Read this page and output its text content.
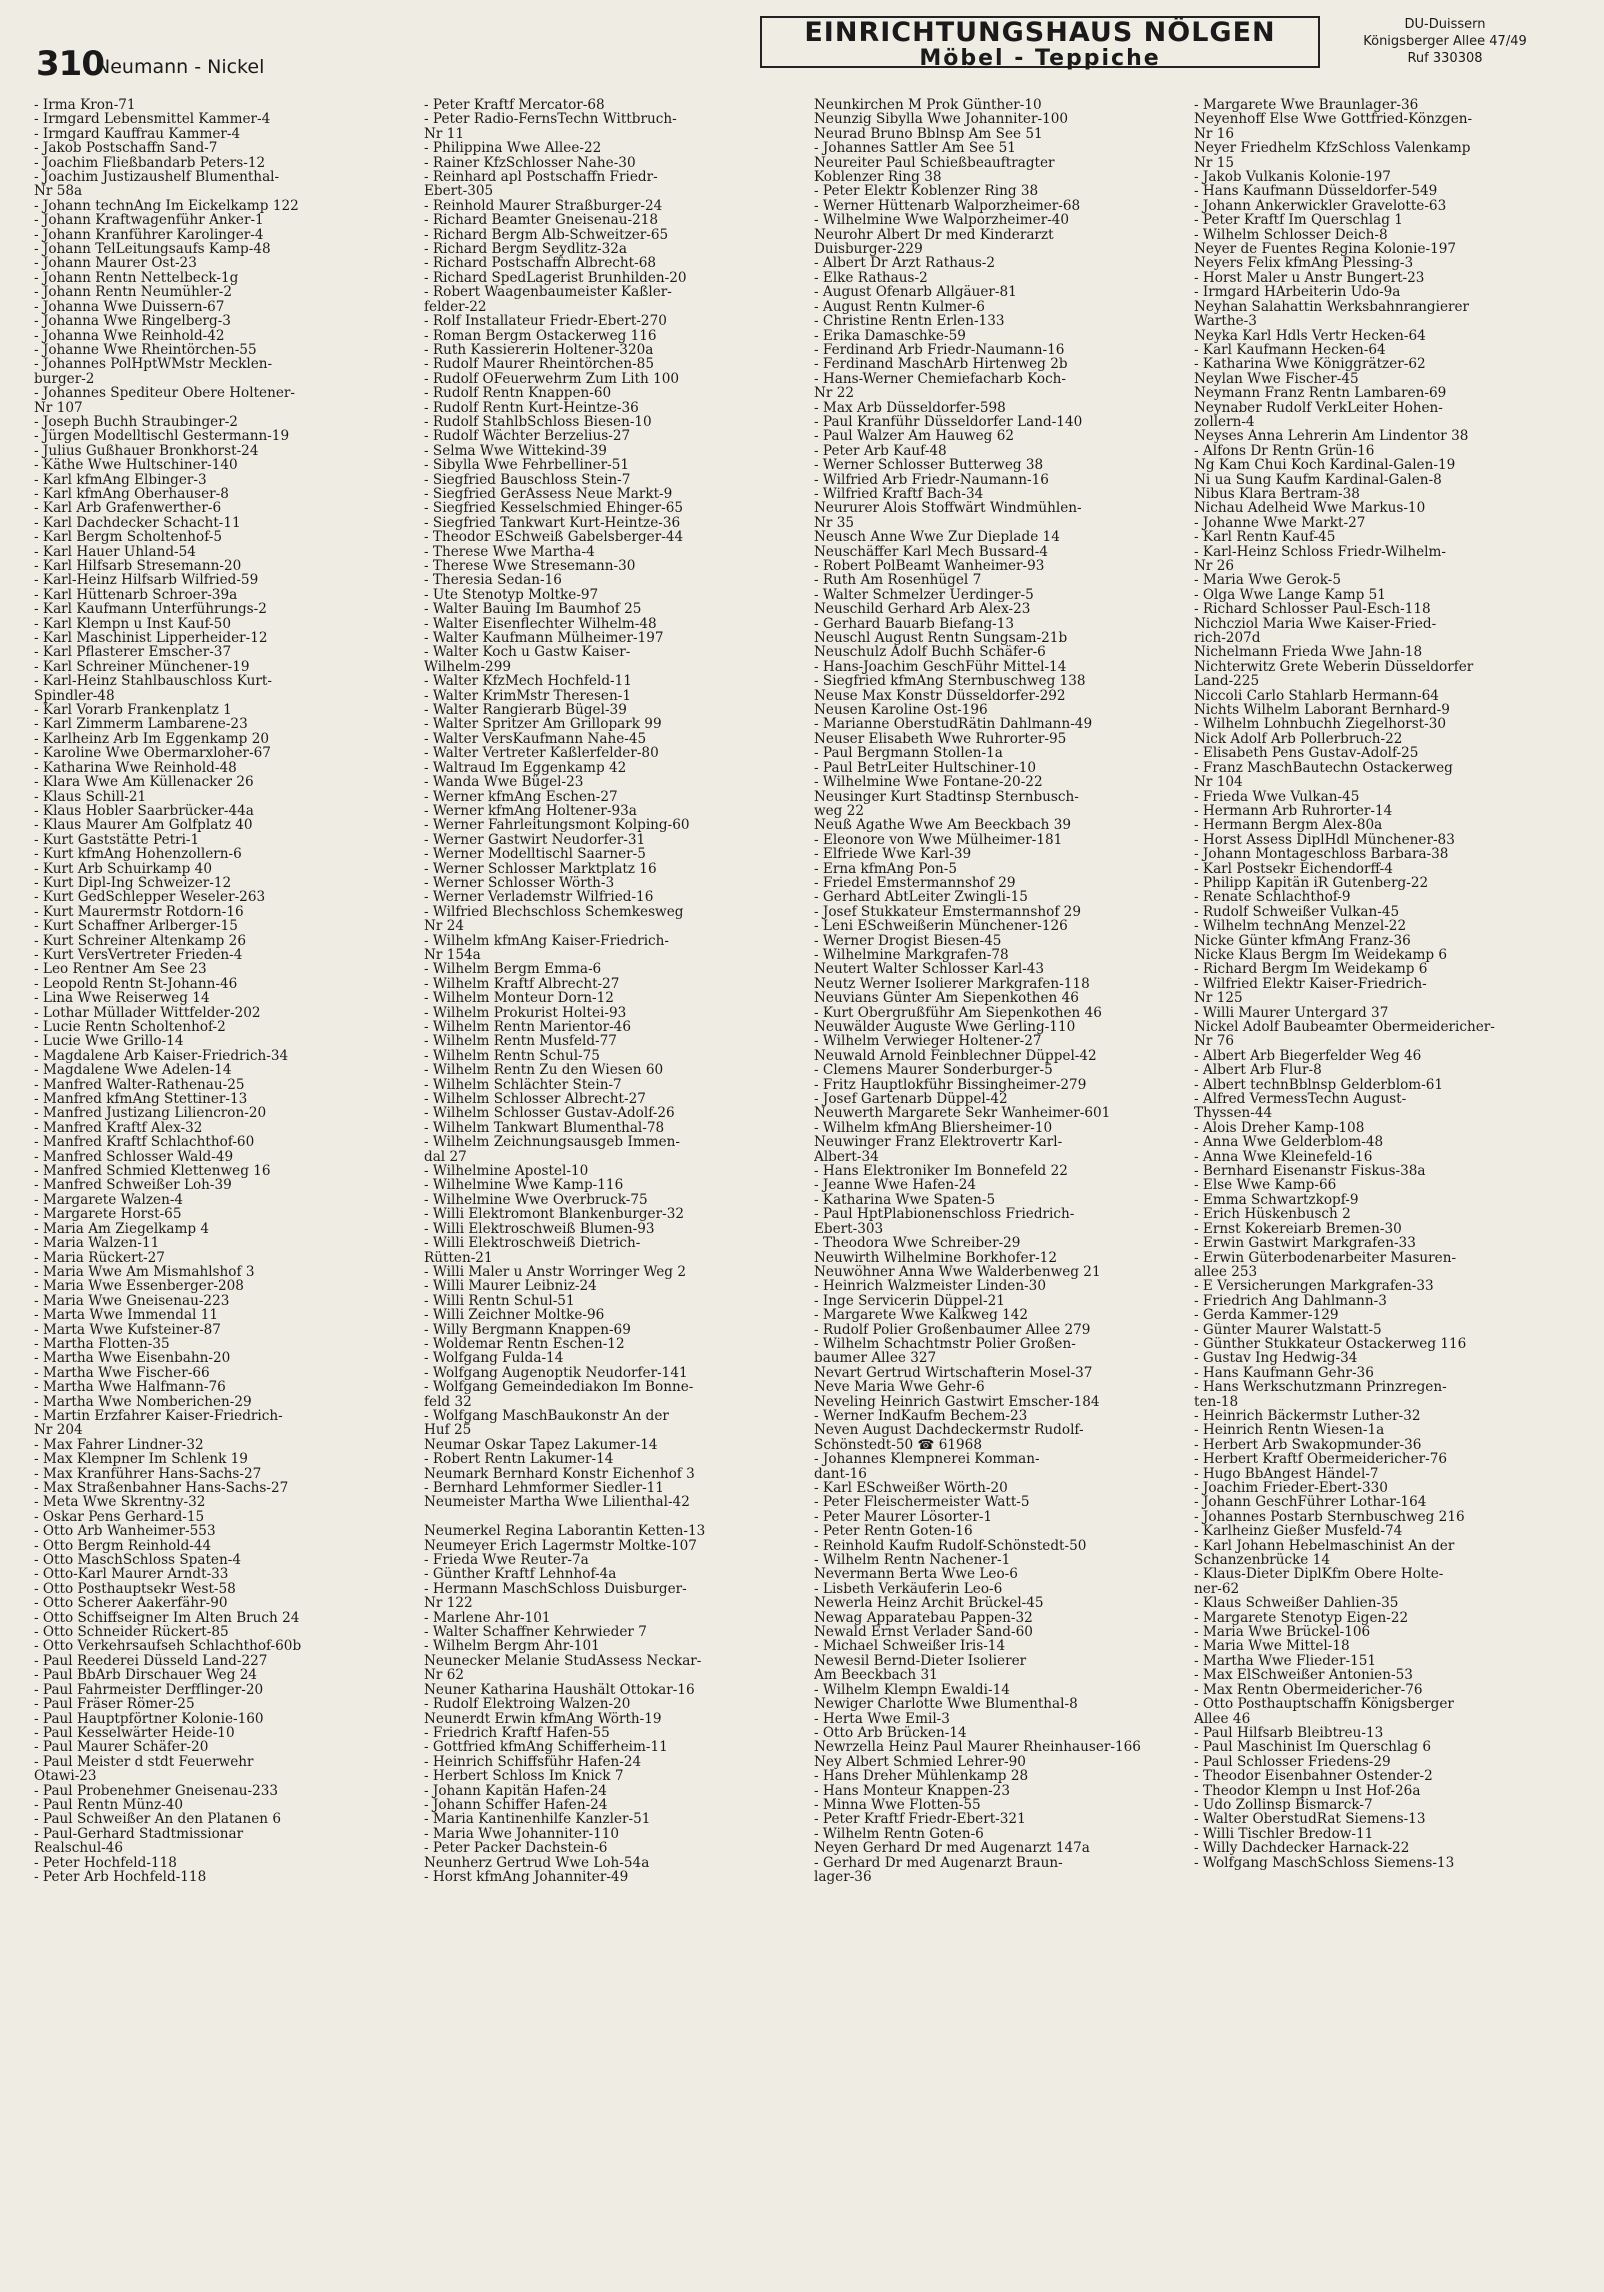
310
Neumann - Nickel
EINRICHTUNGSHAUS NÖLGEN
Möbel - Teppiche
DU-Duissern
Königsberger Allee 47/49
Ruf 330308
- Irma Kron-71
- Irmgard Lebensmittel Kammer-4
- Irmgard Kauffrau Kammer-4
- Jakob Postschaffn Sand-7
- Joachim Fließbandarb Peters-12
- Joachim Justizaushelf Blumenthal-
Nr 58a
- Johann technAng Im Eickelkamp 122
- Johann Kraftwagenführ Anker-1
- Johann Kranführer Karolinger-4
- Johann TelLeitungsaufs Kamp-48
- Johann Maurer Ost-23
- Johann Rentn Nettelbeck-1g
- Johann Rentn Neumühler-2
- Johanna Wwe Duissern-67
- Johanna Wwe Ringelberg-3
- Johanna Wwe Reinhold-42
- Johanne Wwe Rheintörchen-55
- Johannes PolHptWMstr Mecklen-
burger-2
- Johannes Spediteur Obere Holtener-
Nr 107
- Joseph Buchh Straubinger-2
- Jürgen Modelltischl Gestermann-19
- Julius Gußhauer Bronkhorst-24
- Käthe Wwe Hultschiner-140
- Karl kfmAng Elbinger-3
- Karl kfmAng Oberhauser-8
- Karl Arb Grafenwerther-6
- Karl Dachdecker Schacht-11
- Karl Bergm Scholtenhof-5
- Karl Hauer Uhland-54
- Karl Hilfsarb Stresemann-20
- Karl-Heinz Hilfsarb Wilfried-59
- Karl Hüttenarb Schroer-39a
- Karl Kaufmann Unterführungs-2
- Karl Klempn u Inst Kauf-50
- Karl Maschinist Lipperheider-12
- Karl Pflasterer Emscher-37
- Karl Schreiner Münchener-19
- Karl-Heinz Stahlbauschloss Kurt-
Spindler-48
- Karl Vorarb Frankenplatz 1
- Karl Zimmerm Lambarene-23
- Karlheinz Arb Im Eggenkamp 20
- Karoline Wwe Obermarxloher-67
- Katharina Wwe Reinhold-48
- Klara Wwe Am Küllenacker 26
- Klaus Schill-21
- Klaus Hobler Saarbrücker-44a
- Klaus Maurer Am Golfplatz 40
- Kurt Gaststätte Petri-1
- Kurt kfmAng Hohenzollern-6
- Kurt Arb Schuirkamp 40
- Kurt Dipl-Ing Schweizer-12
- Kurt GedSchlepper Weseler-263
- Kurt Maurermstr Rotdorn-16
- Kurt Schaffner Arlberger-15
- Kurt Schreiner Altenkamp 26
- Kurt VersVertreter Frieden-4
- Leo Rentner Am See 23
- Leopold Rentn St-Johann-46
- Lina Wwe Reiserweg 14
- Lothar Müllader Wittfelder-202
- Lucie Rentn Scholtenhof-2
- Lucie Wwe Grillo-14
- Magdalene Arb Kaiser-Friedrich-34
- Magdalene Wwe Adelen-14
- Manfred Walter-Rathenau-25
- Manfred kfmAng Stettiner-13
- Manfred Justizang Liliencron-20
- Manfred Kraftf Alex-32
- Manfred Kraftf Schlachthof-60
- Manfred Schlosser Wald-49
- Manfred Schmied Klettenweg 16
- Manfred Schweißer Loh-39
- Margarete Walzen-4
- Margarete Horst-65
- Maria Am Ziegelkamp 4
- Maria Walzen-11
- Maria Rückert-27
- Maria Wwe Am Mismahlshof 3
- Maria Wwe Essenberger-208
- Maria Wwe Gneisenau-223
- Marta Wwe Immendal 11
- Marta Wwe Kufsteiner-87
- Martha Flotten-35
- Martha Wwe Eisenbahn-20
- Martha Wwe Fischer-66
- Martha Wwe Halfmann-76
- Martha Wwe Nomberichen-29
- Martin Erzfahrer Kaiser-Friedrich-
Nr 204
- Max Fahrer Lindner-32
- Max Klempner Im Schlenk 19
- Max Kranführer Hans-Sachs-27
- Max Straßenbahner Hans-Sachs-27
- Meta Wwe Skrentny-32
- Oskar Pens Gerhard-15
- Otto Arb Wanheimer-553
- Otto Bergm Reinhold-44
- Otto MaschSchloss Spaten-4
- Otto-Karl Maurer Arndt-33
- Otto Posthauptsekr West-58
- Otto Scherer Aakerfähr-90
- Otto Schiffseigner Im Alten Bruch 24
- Otto Schneider Rückert-85
- Otto Verkehrsaufseh Schlachthof-60b
- Paul Reederei Düsseld Land-227
- Paul BbArb Dirschauer Weg 24
- Paul Fahrmeister Derfflinger-20
- Paul Fräser Römer-25
- Paul Hauptpförtner Kolonie-160
- Paul Kesselwärter Heide-10
- Paul Maurer Schäfer-20
- Paul Meister d stdt Feuerwehr
Otawi-23
- Paul Probenehmer Gneisenau-233
- Paul Rentn Münz-40
- Paul Schweißer An den Platanen 6
- Paul-Gerhard Stadtmissionar
Realschul-46
- Peter Hochfeld-118
- Peter Arb Hochfeld-118
- Peter Kraftf Mercator-68
- Peter Radio-FernsTechn Wittbruch-
Nr 11
- Philippina Wwe Allee-22
- Rainer KfzSchlosser Nahe-30
- Reinhard apl Postschaffn Friedr-
Ebert-305
- Reinhold Maurer Straßburger-24
- Richard Beamter Gneisenau-218
- Richard Bergm Alb-Schweitzer-65
- Richard Bergm Seydlitz-32a
- Richard Postschaffn Albrecht-68
- Richard SpedLagerist Brunhilden-20
- Robert Waagenbaumeister Kaßler-
felder-22
- Rolf Installateur Friedr-Ebert-270
- Roman Bergm Ostackerweg 116
- Ruth Kassiererin Holtener-320a
- Rudolf Maurer Rheintörchen-85
- Rudolf OFeuerwehrm Zum Lith 100
- Rudolf Rentn Knappen-60
- Rudolf Rentn Kurt-Heintze-36
- Rudolf StahlbSchloss Biesen-10
- Rudolf Wächter Berzelius-27
- Selma Wwe Wittekind-39
- Sibylla Wwe Fehrbelliner-51
- Siegfried Bauschloss Stein-7
- Siegfried GerAssess Neue Markt-9
- Siegfried Kesselschmied Ehinger-65
- Siegfried Tankwart Kurt-Heintze-36
- Theodor ESchweiß Gabelsberger-44
- Therese Wwe Martha-4
- Therese Wwe Stresemann-30
- Theresia Sedan-16
- Ute Stenotyp Moltke-97
- Walter Bauing Im Baumhof 25
- Walter Eisenflechter Wilhelm-48
- Walter Kaufmann Mülheimer-197
- Walter Koch u Gastw Kaiser-
Wilhelm-299
- Walter KfzMech Hochfeld-11
- Walter KrimMstr Theresen-1
- Walter Rangierarb Bügel-39
- Walter Spritzer Am Grillopark 99
- Walter VersKaufmann Nahe-45
- Walter Vertreter Kaßlerfelder-80
- Waltraud Im Eggenkamp 42
- Wanda Wwe Bügel-23
- Werner kfmAng Eschen-27
- Werner kfmAng Holtener-93a
- Werner Fahrleitungsmont Kolping-60
- Werner Gastwirt Neudorfer-31
- Werner Modelltischl Saarner-5
- Werner Schlosser Marktplatz 16
- Werner Schlosser Wörth-3
- Werner Verlademstr Wilfried-16
- Wilfried Blechschloss Schemkesweg
Nr 24
- Wilhelm kfmAng Kaiser-Friedrich-
Nr 154a
- Wilhelm Bergm Emma-6
- Wilhelm Kraftf Albrecht-27
- Wilhelm Monteur Dorn-12
- Wilhelm Prokurist Holtei-93
- Wilhelm Rentn Marientor-46
- Wilhelm Rentn Musfeld-77
- Wilhelm Rentn Schul-75
- Wilhelm Rentn Zu den Wiesen 60
- Wilhelm Schlächter Stein-7
- Wilhelm Schlosser Albrecht-27
- Wilhelm Schlosser Gustav-Adolf-26
- Wilhelm Tankwart Blumenthal-78
- Wilhelm Zeichnungsausgeb Immen-
dal 27
- Wilhelmine Apostel-10
- Wilhelmine Wwe Kamp-116
- Wilhelmine Wwe Overbruck-75
- Willi Elektromont Blankenburger-32
- Willi Elektroschweiß Blumen-93
- Willi Elektroschweiß Dietrich-
Rütten-21
- Willi Maler u Anstr Worringer Weg 2
- Willi Maurer Leibniz-24
- Willi Rentn Schul-51
- Willi Zeichner Moltke-96
- Willy Bergmann Knappen-69
- Woldemar Rentn Eschen-12
- Wolfgang Fulda-14
- Wolfgang Augenoptik Neudorfer-141
- Wolfgang Gemeindediakon Im Bonne-
feld 32
- Wolfgang MaschBaukonstr An der
Huf 25
Neumar Oskar Tapez Lakumer-14
- Robert Rentn Lakumer-14
Neumark Bernhard Konstr Eichenhof 3
- Bernhard Lehmformer Siedler-11
Neumeister Martha Wwe Lilienthal-42
Neumerkel Regina Laborantin Ketten-13
Neumeyer Erich Lagermstr Moltke-107
- Frieda Wwe Reuter-7a
- Günther Kraftf Lehnhof-4a
- Hermann MaschSchloss Duisburger-
Nr 122
- Marlene Ahr-101
- Walter Schaffner Kehrwieder 7
- Wilhelm Bergm Ahr-101
Neunecker Melanie StudAssess Neckar-
Nr 62
Neuner Katharina Haushält Ottokar-16
- Rudolf Elektroing Walzen-20
Neunerdt Erwin kfmAng Wörth-19
- Friedrich Kraftf Hafen-55
- Gottfried kfmAng Schifferheim-11
- Heinrich Schiffsführ Hafen-24
- Herbert Schloss Im Knick 7
- Johann Kapitän Hafen-24
- Johann Schiffer Hafen-24
- Maria Kantinenhilfe Kanzler-51
- Maria Wwe Johanniter-110
- Peter Packer Dachstein-6
Neunherz Gertrud Wwe Loh-54a
- Horst kfmAng Johanniter-49
Neunkirchen M Prok Günther-10
Neunzig Sibylla Wwe Johanniter-100
Neurad Bruno Bblnsp Am See 51
- Johannes Sattler Am See 51
Neureiter Paul Schießbeauftragter
Koblenzer Ring 38
- Peter Elektr Koblenzer Ring 38
- Werner Hüttenarb Walporzheimer-68
- Wilhelmine Wwe Walporzheimer-40
Neurohr Albert Dr med Kinderarzt
Duisburger-229
- Albert Dr Arzt Rathaus-2
- Elke Rathaus-2
- August Ofenarb Allgäuer-81
- August Rentn Kulmer-6
- Christine Rentn Erlen-133
- Erika Damaschke-59
- Ferdinand Arb Friedr-Naumann-16
- Ferdinand MaschArb Hirtenweg 2b
- Hans-Werner Chemiefacharb Koch-
Nr 22
- Max Arb Düsseldorfer-598
- Paul Kranführ Düsseldorfer Land-140
- Paul Walzer Am Hauweg 62
- Peter Arb Kauf-48
- Werner Schlosser Butterweg 38
- Wilfried Arb Friedr-Naumann-16
- Wilfried Kraftf Bach-34
Neururer Alois Stoffwärt Windmühlen-
Nr 35
Neusch Anne Wwe Zur Dieplade 14
Neuschäffer Karl Mech Bussard-4
- Robert PolBeamt Wanheimer-93
- Ruth Am Rosenhügel 7
- Walter Schmelzer Uerdinger-5
Neuschild Gerhard Arb Alex-23
- Gerhard Bauarb Biefang-13
Neuschl August Rentn Sungsam-21b
Neuschulz Adolf Buchh Schäfer-6
- Hans-Joachim GeschFühr Mittel-14
- Siegfried kfmAng Sternbuschweg 138
Neuse Max Konstr Düsseldorfer-292
Neusen Karoline Ost-196
- Marianne OberstudRätin Dahlmann-49
Neuser Elisabeth Wwe Ruhrorter-95
- Paul Bergmann Stollen-1a
- Paul BetrLeiter Hultschiner-10
- Wilhelmine Wwe Fontane-20-22
Neusinger Kurt Stadtinsp Sternbusch-
weg 22
Neuß Agathe Wwe Am Beeckbach 39
- Eleonore von Wwe Mülheimer-181
- Elfriede Wwe Karl-39
- Erna kfmAng Pon-5
- Friedel Emstermannshof 29
- Gerhard AbtLeiter Zwingli-15
- Josef Stukkateur Emstermannshof 29
- Leni ESchweißerin Münchener-126
- Werner Drogist Biesen-45
- Wilhelmine Markgrafen-78
Neutert Walter Schlosser Karl-43
Neutz Werner Isolierer Markgrafen-118
Neuvians Günter Am Siepenkothen 46
- Kurt Obergrußführ Am Siepenkothen 46
Neuwälder Auguste Wwe Gerling-110
- Wilhelm Verwieger Holtener-27
Neuwald Arnold Feinblechner Düppel-42
- Clemens Maurer Sonderburger-5
- Fritz Hauptlokführ Bissingheimer-279
- Josef Gartenarb Düppel-42
Neuwerth Margarete Sekr Wanheimer-601
- Wilhelm kfmAng Bliersheimer-10
Neuwinger Franz Elektrovertr Karl-
Albert-34
- Hans Elektroniker Im Bonnefeld 22
- Jeanne Wwe Hafen-24
- Katharina Wwe Spaten-5
- Paul HptPlabionenschloss Friedrich-
Ebert-303
- Theodora Wwe Schreiber-29
Neuwirth Wilhelmine Borkhofer-12
Neuwöhner Anna Wwe Walderbenweg 21
- Heinrich Walzmeister Linden-30
- Inge Servicerin Düppel-21
- Margarete Wwe Kalkweg 142
- Rudolf Polier Großenbaumer Allee 279
- Wilhelm Schachtmstr Polier Großen-
baumer Allee 327
Nevart Gertrud Wirtschafterin Mosel-37
Neve Maria Wwe Gehr-6
Neveling Heinrich Gastwirt Emscher-184
- Werner IndKaufm Bechem-23
Neven August Dachdeckermstr Rudolf-
Schönstedt-50 ☎ 61968
- Johannes Klempnerei Komman-
dant-16
- Karl ESchweißer Wörth-20
- Peter Fleischermeister Watt-5
- Peter Maurer Lösorter-1
- Peter Rentn Goten-16
- Reinhold Kaufm Rudolf-Schönstedt-50
- Wilhelm Rentn Nachener-1
Nevermann Berta Wwe Leo-6
- Lisbeth Verkäuferin Leo-6
Newerla Heinz Archit Brückel-45
Newag Apparatebau Pappen-32
Newald Ernst Verlader Sand-60
- Michael Schweißer Iris-14
Newesil Bernd-Dieter Isolierer
Am Beeckbach 31
- Wilhelm Klempn Ewaldi-14
Newiger Charlotte Wwe Blumenthal-8
- Herta Wwe Emil-3
- Otto Arb Brücken-14
Newrzella Heinz Paul Maurer Rheinhauser-166
Ney Albert Schmied Lehrer-90
- Hans Dreher Mühlenkamp 28
- Hans Monteur Knappen-23
- Minna Wwe Flotten-55
- Peter Kraftf Friedr-Ebert-321
- Wilhelm Rentn Goten-6
Neyen Gerhard Dr med Augenarzt 147a
- Gerhard Dr med Augenarzt Braun-
lager-36
- Margarete Wwe Braunlager-36
Neyenhoff Else Wwe Gottfried-Könzgen-
Nr 16
Neyer Friedhelm KfzSchloss Valenkamp
Nr 15
- Jakob Vulkanis Kolonie-197
- Hans Kaufmann Düsseldorfer-549
- Johann Ankerwickler Gravelotte-63
- Peter Kraftf Im Querschlag 1
- Wilhelm Schlosser Deich-8
Neyer de Fuentes Regina Kolonie-197
Neyers Felix kfmAng Plessing-3
- Horst Maler u Anstr Bungert-23
- Irmgard HArbeiterin Udo-9a
Neyhan Salahattin Werksbahnrangierer
Warthe-3
Neyka Karl Hdls Vertr Hecken-64
- Karl Kaufmann Hecken-64
- Katharina Wwe Königgrätzer-62
Neylan Wwe Fischer-45
Neymann Franz Rentn Lambaren-69
Neynaber Rudolf VerkLeiter Hohen-
zollern-4
Neyses Anna Lehrerin Am Lindentor 38
- Alfons Dr Rentn Grün-16
Ng Kam Chui Koch Kardinal-Galen-19
Ni ua Sung Kaufm Kardinal-Galen-8
Nibus Klara Bertram-38
Nichau Adelheid Wwe Markus-10
- Johanne Wwe Markt-27
- Karl Rentn Kauf-45
- Karl-Heinz Schloss Friedr-Wilhelm-
Nr 26
- Maria Wwe Gerok-5
- Olga Wwe Lange Kamp 51
- Richard Schlosser Paul-Esch-118
Nichcziol Maria Wwe Kaiser-Fried-
rich-207d
Nichelmann Frieda Wwe Jahn-18
Nichterwitz Grete Weberin Düsseldorfer
Land-225
Niccoli Carlo Stahlarb Hermann-64
Nichts Wilhelm Laborant Bernhard-9
- Wilhelm Lohnbuchh Ziegelhorst-30
Nick Adolf Arb Pollerbruch-22
- Elisabeth Pens Gustav-Adolf-25
- Franz MaschBautechn Ostackerweg
Nr 104
- Frieda Wwe Vulkan-45
- Hermann Arb Ruhrorter-14
- Hermann Bergm Alex-80a
- Horst Assess DiplHdl Münchener-83
- Johann Montageschloss Barbara-38
- Karl Postsekr Eichendorff-4
- Philipp Kapitän iR Gutenberg-22
- Renate Schlachthof-9
- Rudolf Schweißer Vulkan-45
- Wilhelm technAng Menzel-22
Nicke Günter kfmAng Franz-36
Nicke Klaus Bergm Im Weidekamp 6
- Richard Bergm Im Weidekamp 6
- Wilfried Elektr Kaiser-Friedrich-
Nr 125
- Willi Maurer Untergard 37
Nickel Adolf Baubeamter Obermeidericher-
Nr 76
- Albert Arb Biegerfelder Weg 46
- Albert Arb Flur-8
- Albert technBblnsp Gelderblom-61
- Alfred VermessTechn August-
Thyssen-44
- Alois Dreher Kamp-108
- Anna Wwe Gelderblom-48
- Anna Wwe Kleinefeld-16
- Bernhard Eisenanstr Fiskus-38a
- Else Wwe Kamp-66
- Emma Schwartzkopf-9
- Erich Hüskenbusch 2
- Ernst Kokereiarb Bremen-30
- Erwin Gastwirt Markgrafen-33
- Erwin Güterbodenarbeiter Masuren-
allee 253
- E Versicherungen Markgrafen-33
- Friedrich Ang Dahlmann-3
- Gerda Kammer-129
- Günter Maurer Walstatt-5
- Günther Stukkateur Ostackerweg 116
- Gustav Ing Hedwig-34
- Hans Kaufmann Gehr-36
- Hans Werkschutzmann Prinzregen-
ten-18
- Heinrich Bäckermstr Luther-32
- Heinrich Rentn Wiesen-1a
- Herbert Arb Swakopmunder-36
- Herbert Kraftf Obermeidericher-76
- Hugo BbAngest Händel-7
- Joachim Frieder-Ebert-330
- Johann GeschFührer Lothar-164
- Johannes Postarb Sternbuschweg 216
- Karlheinz Gießer Musfeld-74
- Karl Johann Hebelmaschinist An der
Schanzenbrücke 14
- Klaus-Dieter DiplKfm Obere Holte-
ner-62
- Klaus Schweißer Dahlien-35
- Margarete Stenotyp Eigen-22
- Maria Wwe Brückel-106
- Maria Wwe Mittel-18
- Martha Wwe Flieder-151
- Max ElSchweißer Antonien-53
- Max Rentn Obermeidericher-76
- Otto Posthauptschaffn Königsberger
Allee 46
- Paul Hilfsarb Bleibtreu-13
- Paul Maschinist Im Querschlag 6
- Paul Schlosser Friedens-29
- Theodor Eisenbahner Ostender-2
- Theodor Klempn u Inst Hof-26a
- Udo Zollinsp Bismarck-7
- Walter OberstudRat Siemens-13
- Willi Tischler Bredow-11
- Willy Dachdecker Harnack-22
- Wolfgang MaschSchloss Siemens-13
